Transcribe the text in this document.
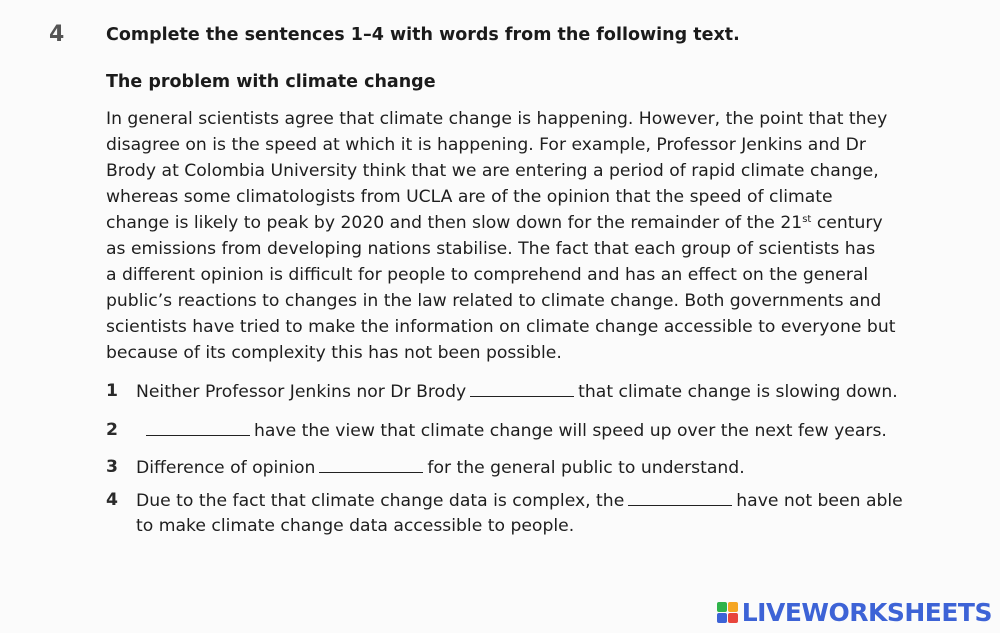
4 Complete the sentences 1–4 with words from the following text.
The problem with climate change
In general scientists agree that climate change is happening. However, the point that they
disagree on is the speed at which it is happening. For example, Professor Jenkins and Dr
Brody at Colombia University think that we are entering a period of rapid climate change,
whereas some climatologists from UCLA are of the opinion that the speed of climate
change is likely to peak by 2020 and then slow down for the remainder of the 21st century
as emissions from developing nations stabilise. The fact that each group of scientists has
a different opinion is difficult for people to comprehend and has an effect on the general
public’s reactions to changes in the law related to climate change. Both governments and
scientists have tried to make the information on climate change accessible to everyone but
because of its complexity this has not been possible.
1 Neither Professor Jenkins nor Dr Brody	that climate change is slowing down.
2	have the view that climate change will speed up over the next few years.
3 Difference of opinion	for the general public to understand.
4 Due to the fact that climate change data is complex, the	have not been able
to make climate change data accessible to people.
LIVEWORKSHEETS
